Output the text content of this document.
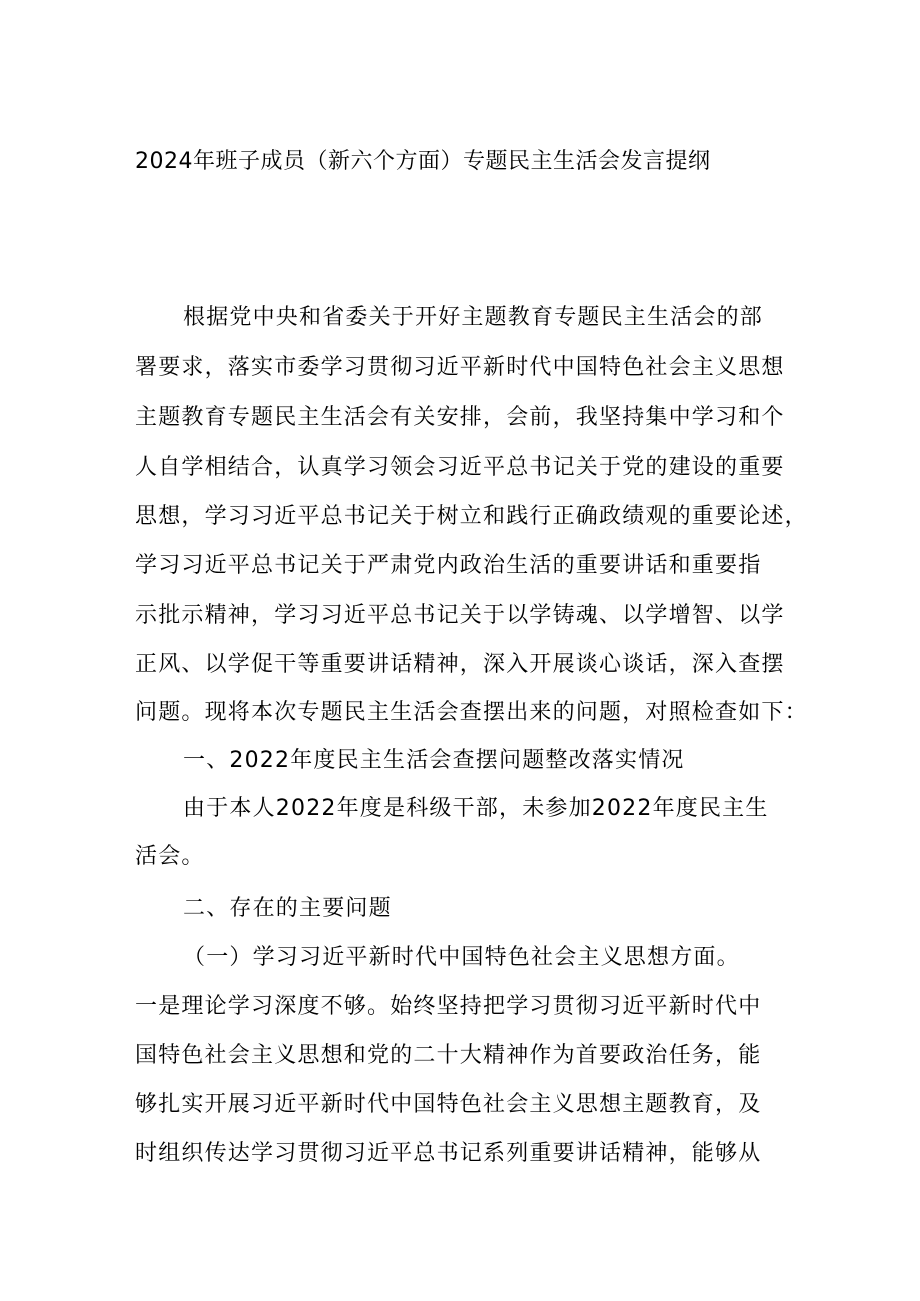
2024年班子成员（新六个方面）专题民主生活会发言提纲
根据党中央和省委关于开好主题教育专题民主生活会的部
署要求，落实市委学习贯彻习近平新时代中国特色社会主义思想
主题教育专题民主生活会有关安排，会前，我坚持集中学习和个
人自学相结合，认真学习领会习近平总书记关于党的建设的重要
思想，学习习近平总书记关于树立和践行正确政绩观的重要论述，
学习习近平总书记关于严肃党内政治生活的重要讲话和重要指
示批示精神，学习习近平总书记关于以学铸魂、以学增智、以学
正风、以学促干等重要讲话精神，深入开展谈心谈话，深入查摆
问题。现将本次专题民主生活会查摆出来的问题，对照检查如下：
一、2022年度民主生活会查摆问题整改落实情况
由于本人2022年度是科级干部，未参加2022年度民主生
活会。
二、存在的主要问题
（一）学习习近平新时代中国特色社会主义思想方面。
一是理论学习深度不够。始终坚持把学习贯彻习近平新时代中
国特色社会主义思想和党的二十大精神作为首要政治任务，能
够扎实开展习近平新时代中国特色社会主义思想主题教育，及
时组织传达学习贯彻习近平总书记系列重要讲话精神，能够从
